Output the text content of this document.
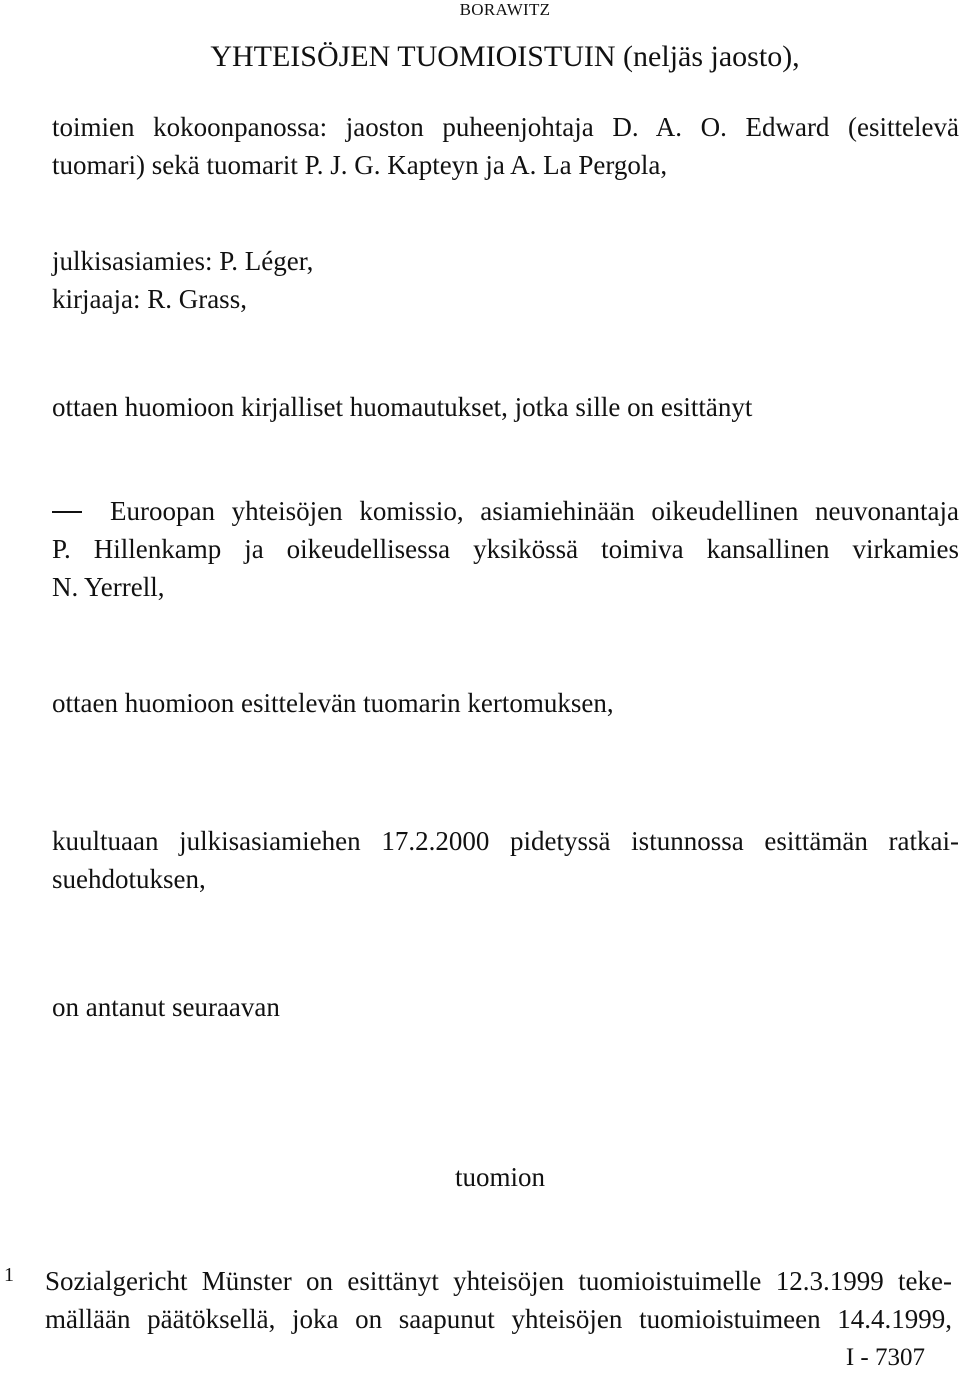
BORAWITZ
YHTEISÖJEN TUOMIOISTUIN (neljäs jaosto),
toimien kokoonpanossa: jaoston puheenjohtaja D. A. O. Edward (esittelevä
tuomari) sekä tuomarit P. J. G. Kapteyn ja A. La Pergola,
julkisasiamies: P. Léger,
kirjaaja: R. Grass,
ottaen huomioon kirjalliset huomautukset, jotka sille on esittänyt
Euroopan yhteisöjen komissio, asiamiehinään oikeudellinen neuvonantaja
P. Hillenkamp ja oikeudellisessa yksikössä toimiva kansallinen virkamies
N. Yerrell,
ottaen huomioon esittelevän tuomarin kertomuksen,
kuultuaan julkisasiamiehen 17.2.2000 pidetyssä istunnossa esittämän ratkai-
suehdotuksen,
on antanut seuraavan
tuomion
1 Sozialgericht Münster on esittänyt yhteisöjen tuomioistuimelle 12.3.1999 teke-
mällään päätöksellä, joka on saapunut yhteisöjen tuomioistuimeen 14.4.1999,
I - 7307
